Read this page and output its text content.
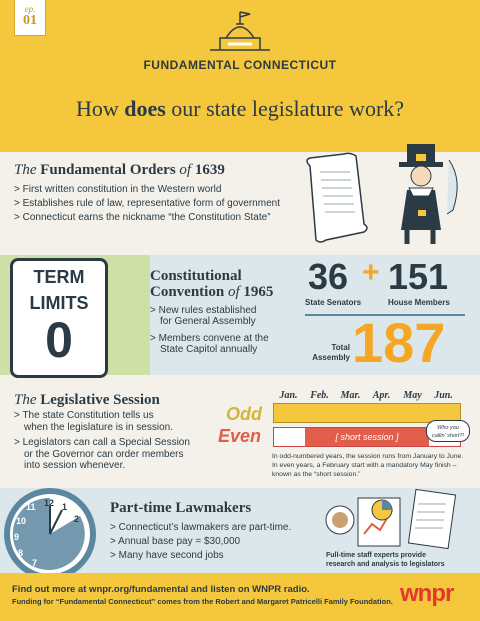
ep.
01
FUNDAMENTAL CONNECTICUT
How does our state legislature work?
The Fundamental Orders of 1639
> First written constitution in the Western world
> Establishes rule of law, representative form of government
> Connecticut earns the nickname “the Constitution State”
TERM
LIMITS
0
Constitutional
Convention of 1965
> New rules established
for General Assembly
> Members convene at the
State Capitol annually
36
State Senators
+ 151
House Members
Total
Assembly 187
The Legislative Session
> The state Constitution tells us
when the legislature is in session.
> Legislators can call a Special Session
or the Governor can order members
into session whenever.
Jan.	Feb.	Mar.	Apr.	May	Jun.
Odd
Even	[ short session ]
Who you
callin' short?!
In odd-numbered years, the session runs from January to June.
In even years, a February start with a mandatory May finish –
known as the “short session.”
12 1
2
11
10
9
8
7
Part-time Lawmakers
> Connecticut’s lawmakers are part-time.
> Annual base pay = $30,000
> Many have second jobs	Full-time staff experts provide
research and analysis to legislators
Find out more at wnpr.org/fundamental and listen on WNPR radio.
Funding for “Fundamental Connecticut” comes from the Robert and Margaret Patricelli Family Foundation. wnpr
